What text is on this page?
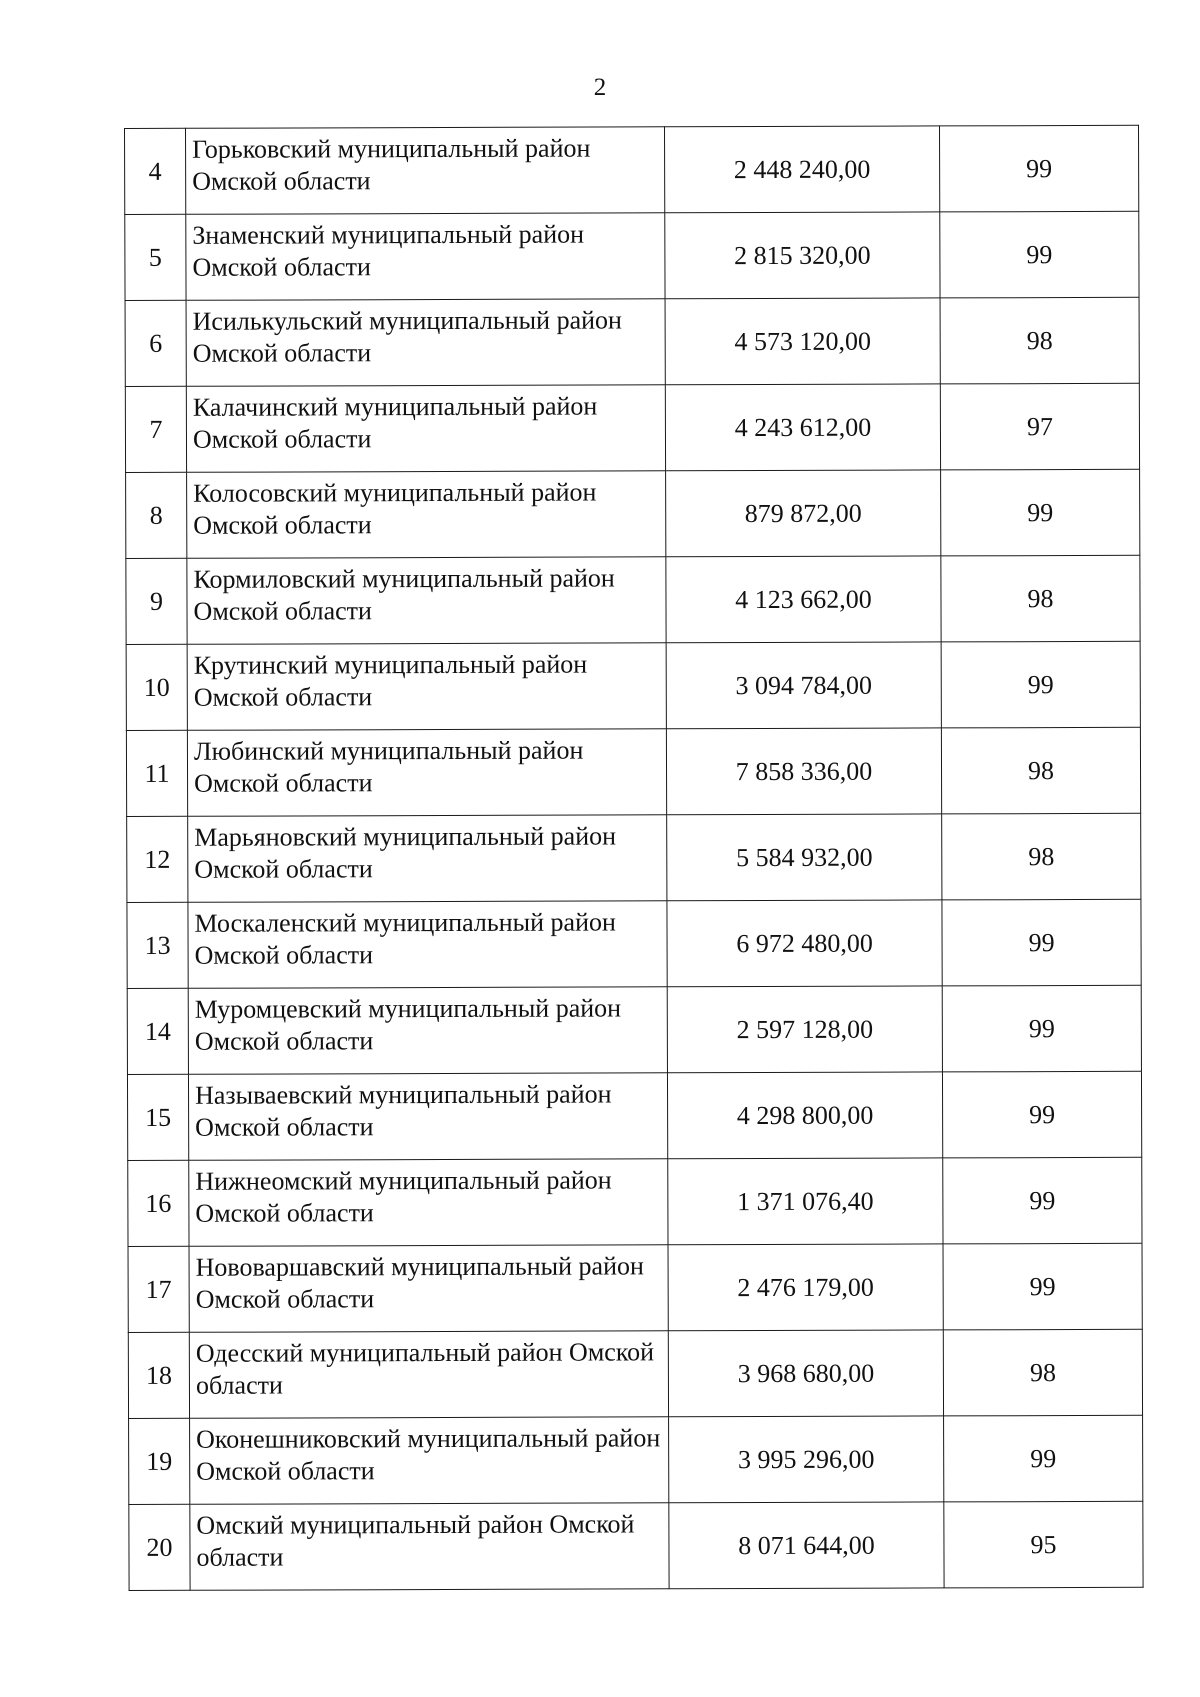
2
4	Горьковский муниципальный район Омской области	2 448 240,00	99
5	Знаменский муниципальный район Омской области	2 815 320,00	99
6	Исилькульский муниципальный район Омской области	4 573 120,00	98
7	Калачинский муниципальный район Омской области	4 243 612,00	97
8	Колосовский муниципальный район Омской области	879 872,00	99
9	Кормиловский муниципальный район Омской области	4 123 662,00	98
10	Крутинский муниципальный район Омской области	3 094 784,00	99
11	Любинский муниципальный район Омской области	7 858 336,00	98
12	Марьяновский муниципальный район Омской области	5 584 932,00	98
13	Москаленский муниципальный район Омской области	6 972 480,00	99
14	Муромцевский муниципальный район Омской области	2 597 128,00	99
15	Называевский муниципальный район Омской области	4 298 800,00	99
16	Нижнеомский муниципальный район Омской области	1 371 076,40	99
17	Нововаршавский муниципальный район Омской области	2 476 179,00	99
18	Одесский муниципальный район Омской области	3 968 680,00	98
19	Оконешниковский муниципальный район Омской области	3 995 296,00	99
20	Омский муниципальный район Омской области	8 071 644,00	95
